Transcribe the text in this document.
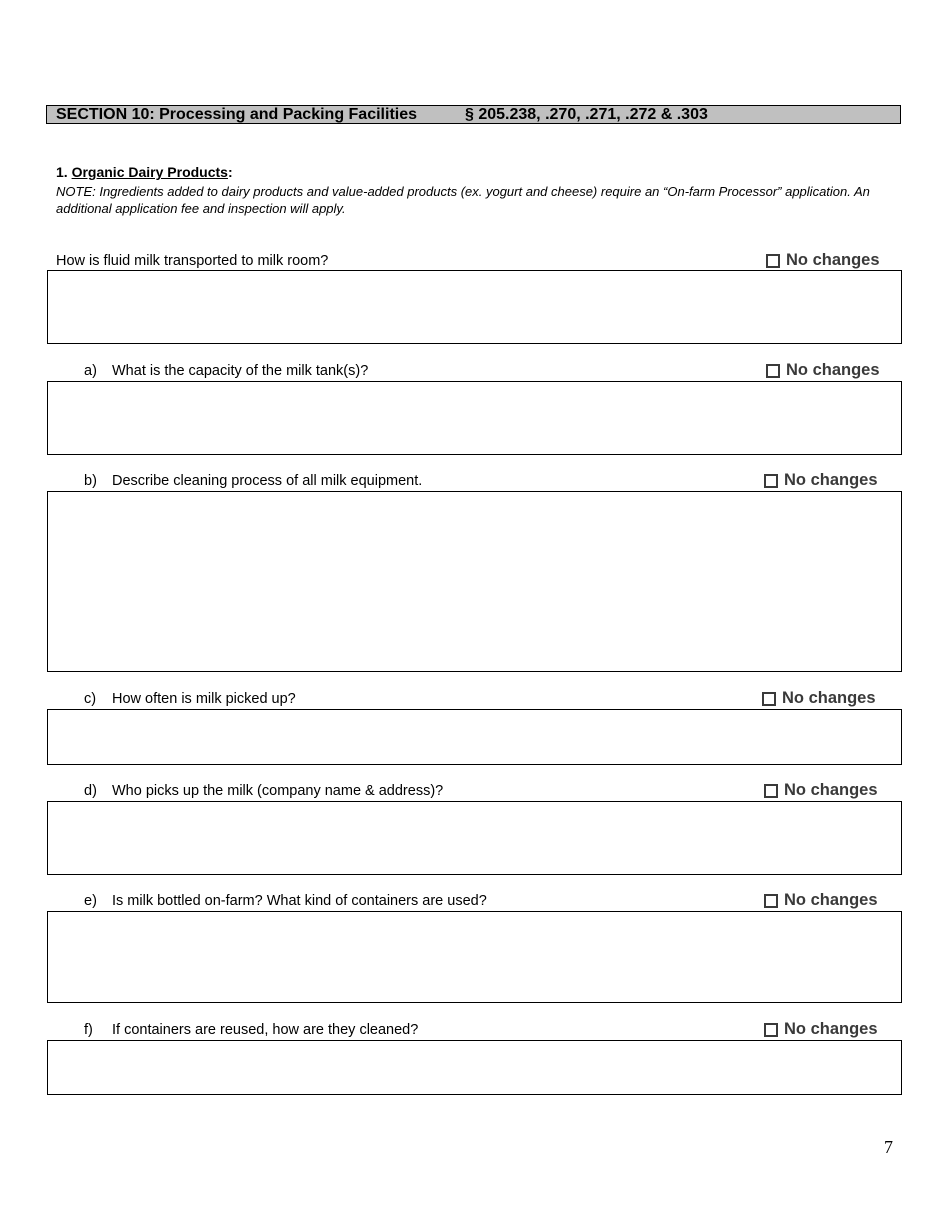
SECTION 10: Processing and Packing Facilities	§ 205.238, .270, .271, .272 & .303
1. Organic Dairy Products:
NOTE: Ingredients added to dairy products and value-added products (ex. yogurt and cheese) require an “On-farm Processor” application. An additional application fee and inspection will apply.
How is fluid milk transported to milk room?	No changes
a) What is the capacity of the milk tank(s)?	No changes
b) Describe cleaning process of all milk equipment.	No changes
c) How often is milk picked up?	No changes
d) Who picks up the milk (company name & address)?	No changes
e) Is milk bottled on-farm? What kind of containers are used?	No changes
f) If containers are reused, how are they cleaned?	No changes
7
